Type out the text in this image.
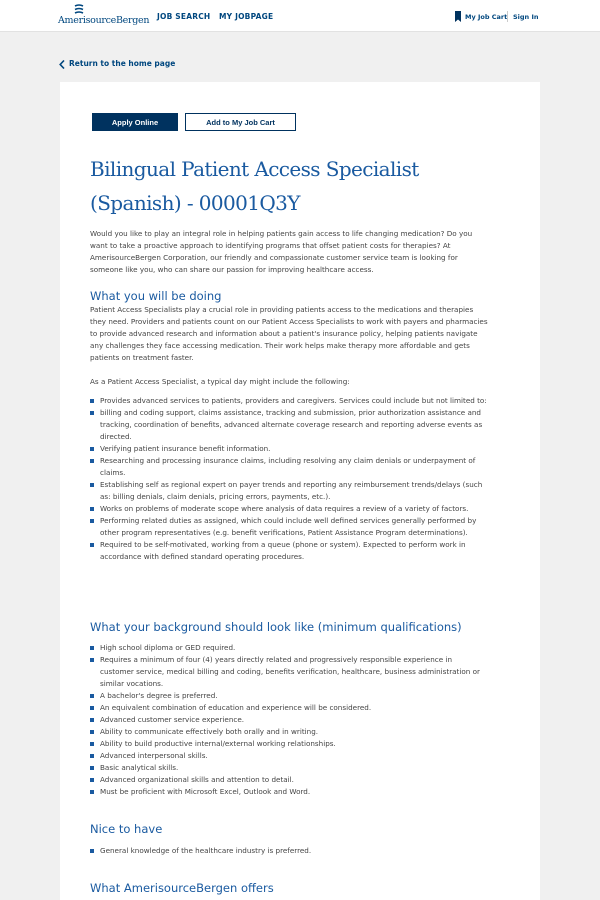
AmerisourceBergen JOB SEARCH MY JOBPAGE	My Job Cart Sign In
Return to the home page
Apply Online	Add to My Job Cart
Bilingual Patient Access Specialist (Spanish) - 00001Q3Y

Would you like to play an integral role in helping patients gain access to life changing medication? Do you want to take a proactive approach to identifying programs that offset patient costs for therapies? At AmerisourceBergen Corporation, our friendly and compassionate customer service team is looking for someone like you, who can share our passion for improving healthcare access.

What you will be doing

Patient Access Specialists play a crucial role in providing patients access to the medications and therapies they need. Providers and patients count on our Patient Access Specialists to work with payers and pharmacies to provide advanced research and information about a patient's insurance policy, helping patients navigate any challenges they face accessing medication. Their work helps make therapy more affordable and gets patients on treatment faster.

As a Patient Access Specialist, a typical day might include the following:

Provides advanced services to patients, providers and caregivers. Services could include but not limited to:
billing and coding support, claims assistance, tracking and submission, prior authorization assistance and tracking, coordination of benefits, advanced alternate coverage research and reporting adverse events as directed.
Verifying patient insurance benefit information.
Researching and processing insurance claims, including resolving any claim denials or underpayment of claims.
Establishing self as regional expert on payer trends and reporting any reimbursement trends/delays (such as: billing denials, claim denials, pricing errors, payments, etc.).
Works on problems of moderate scope where analysis of data requires a review of a variety of factors.
Performing related duties as assigned, which could include well defined services generally performed by other program representatives (e.g. benefit verifications, Patient Assistance Program determinations).
Required to be self-motivated, working from a queue (phone or system). Expected to perform work in accordance with defined standard operating procedures.
What your background should look like (minimum qualifications)
High school diploma or GED required.
Requires a minimum of four (4) years directly related and progressively responsible experience in customer service, medical billing and coding, benefits verification, healthcare, business administration or similar vocations.
A bachelor's degree is preferred.
An equivalent combination of education and experience will be considered.
Advanced customer service experience.
Ability to communicate effectively both orally and in writing.
Ability to build productive internal/external working relationships.
Advanced interpersonal skills.
Basic analytical skills.
Advanced organizational skills and attention to detail.
Must be proficient with Microsoft Excel, Outlook and Word.
Nice to have
General knowledge of the healthcare industry is preferred.
What AmerisourceBergen offers
